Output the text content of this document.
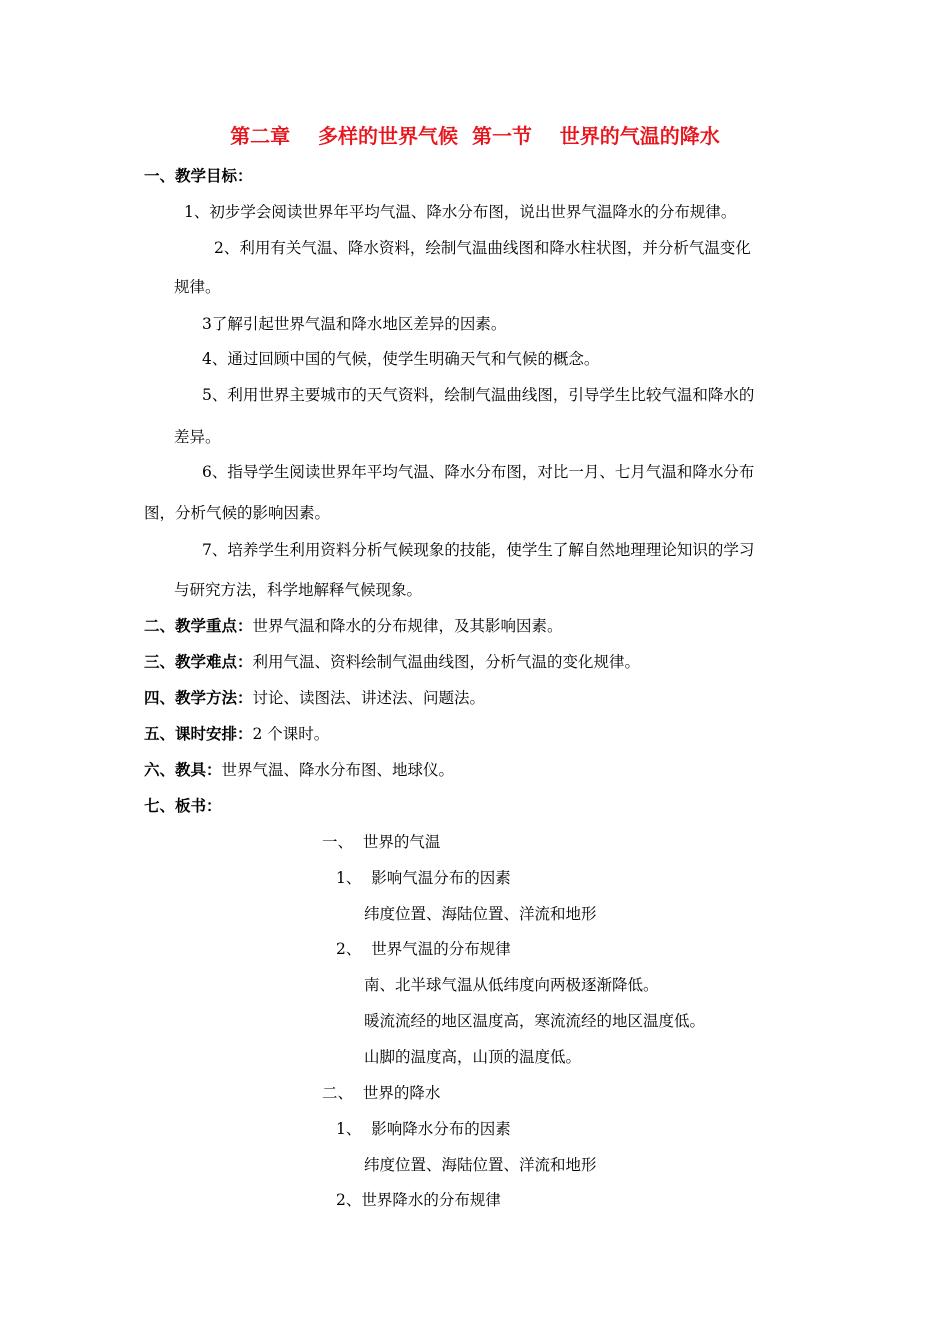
第二章    多样的世界气候  第一节    世界的气温的降水
一、教学目标：
1、初步学会阅读世界年平均气温、降水分布图，说出世界气温降水的分布规律。
2、利用有关气温、降水资料，绘制气温曲线图和降水柱状图，并分析气温变化
规律。
3了解引起世界气温和降水地区差异的因素。
4、通过回顾中国的气候，使学生明确天气和气候的概念。
5、利用世界主要城市的天气资料，绘制气温曲线图，引导学生比较气温和降水的
差异。
6、指导学生阅读世界年平均气温、降水分布图，对比一月、七月气温和降水分布
图，分析气候的影响因素。
7、培养学生利用资料分析气候现象的技能，使学生了解自然地理理论知识的学习
与研究方法，科学地解释气候现象。
二、教学重点：世界气温和降水的分布规律，及其影响因素。
三、教学难点：利用气温、资料绘制气温曲线图，分析气温的变化规律。
四、教学方法：讨论、读图法、讲述法、问题法。
五、课时安排：2 个课时。
六、教具：世界气温、降水分布图、地球仪。
七、板书：
一、  世界的气温
1、  影响气温分布的因素
纬度位置、海陆位置、洋流和地形
2、  世界气温的分布规律
南、北半球气温从低纬度向两极逐渐降低。
暖流流经的地区温度高，寒流流经的地区温度低。
山脚的温度高，山顶的温度低。
二、  世界的降水
1、  影响降水分布的因素
纬度位置、海陆位置、洋流和地形
2、世界降水的分布规律
